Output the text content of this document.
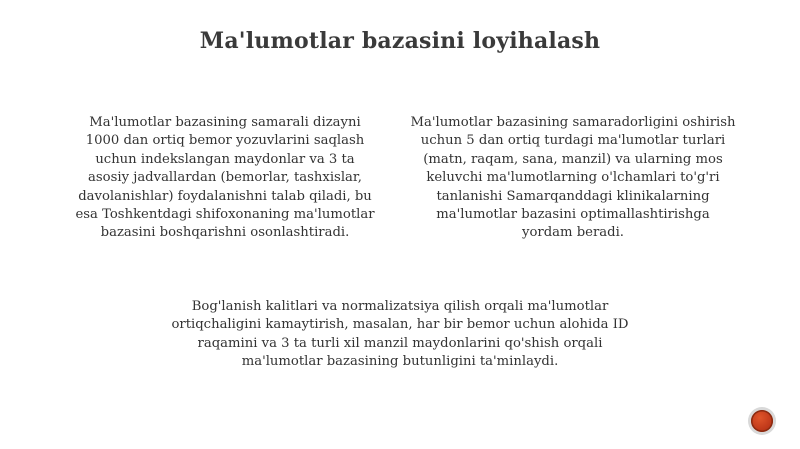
Ma'lumotlar bazasini loyihalash
Ma'lumotlar bazasining samarali dizayni
1000 dan ortiq bemor yozuvlarini saqlash
uchun indekslangan maydonlar va 3 ta
asosiy jadvallardan (bemorlar, tashxislar,
davolanishlar) foydalanishni talab qiladi, bu
esa Toshkentdagi shifoxonaning ma'lumotlar
bazasini boshqarishni osonlashtiradi.
Ma'lumotlar bazasining samaradorligini oshirish
uchun 5 dan ortiq turdagi ma'lumotlar turlari
(matn, raqam, sana, manzil) va ularning mos
keluvchi ma'lumotlarning o'lchamlari to'g'ri
tanlanishi Samarqanddagi klinikalarning
ma'lumotlar bazasini optimallashtirishga
yordam beradi.
Bog'lanish kalitlari va normalizatsiya qilish orqali ma'lumotlar
ortiqchaligini kamaytirish, masalan, har bir bemor uchun alohida ID
raqamini va 3 ta turli xil manzil maydonlarini qo'shish orqali
ma'lumotlar bazasining butunligini ta'minlaydi.
